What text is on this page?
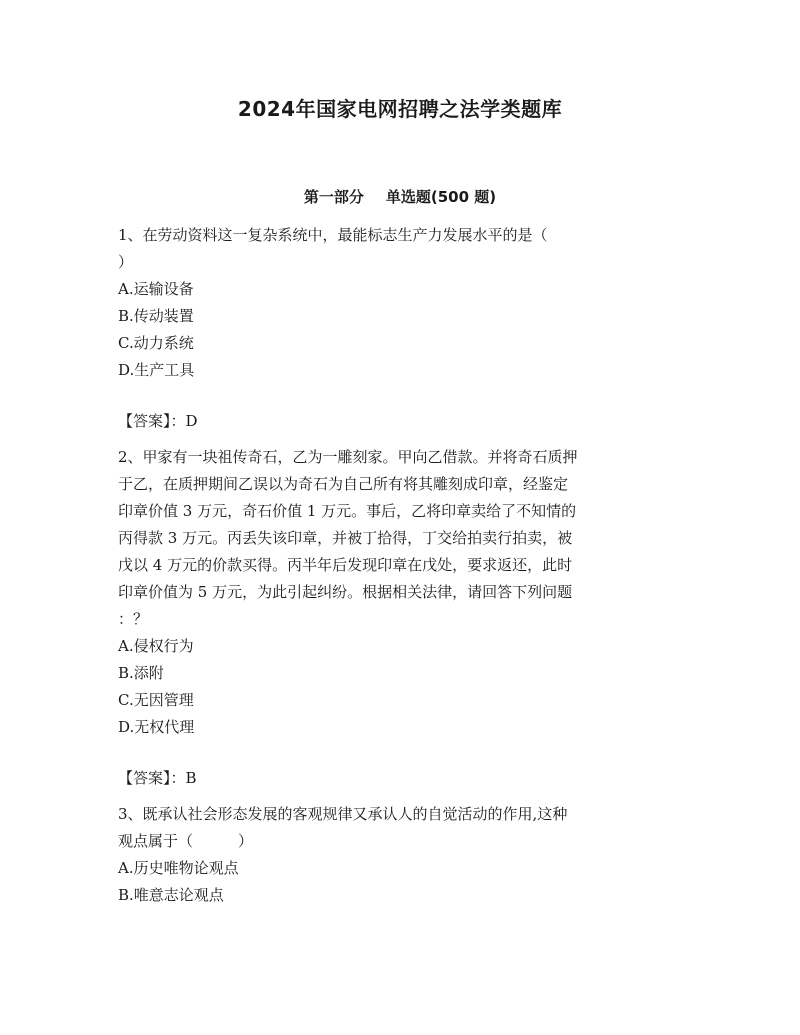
2024年国家电网招聘之法学类题库
第一部分 单选题(500 题)
1、在劳动资料这一复杂系统中，最能标志生产力发展水平的是（
）
A.运输设备
B.传动装置
C.动力系统
D.生产工具
【答案】：D
2、甲家有一块祖传奇石，乙为一雕刻家。甲向乙借款。并将奇石质押
于乙，在质押期间乙误以为奇石为自己所有将其雕刻成印章，经鉴定
印章价值 3 万元，奇石价值 1 万元。事后，乙将印章卖给了不知情的
丙得款 3 万元。丙丢失该印章，并被丁拾得，丁交给拍卖行拍卖，被
戊以 4 万元的价款买得。丙半年后发现印章在戊处，要求返还，此时
印章价值为 5 万元，为此引起纠纷。根据相关法律，请回答下列问题
：？
A.侵权行为
B.添附
C.无因管理
D.无权代理
【答案】：B
3、既承认社会形态发展的客观规律又承认人的自觉活动的作用,这种
观点属于（　　　）
A.历史唯物论观点
B.唯意志论观点
